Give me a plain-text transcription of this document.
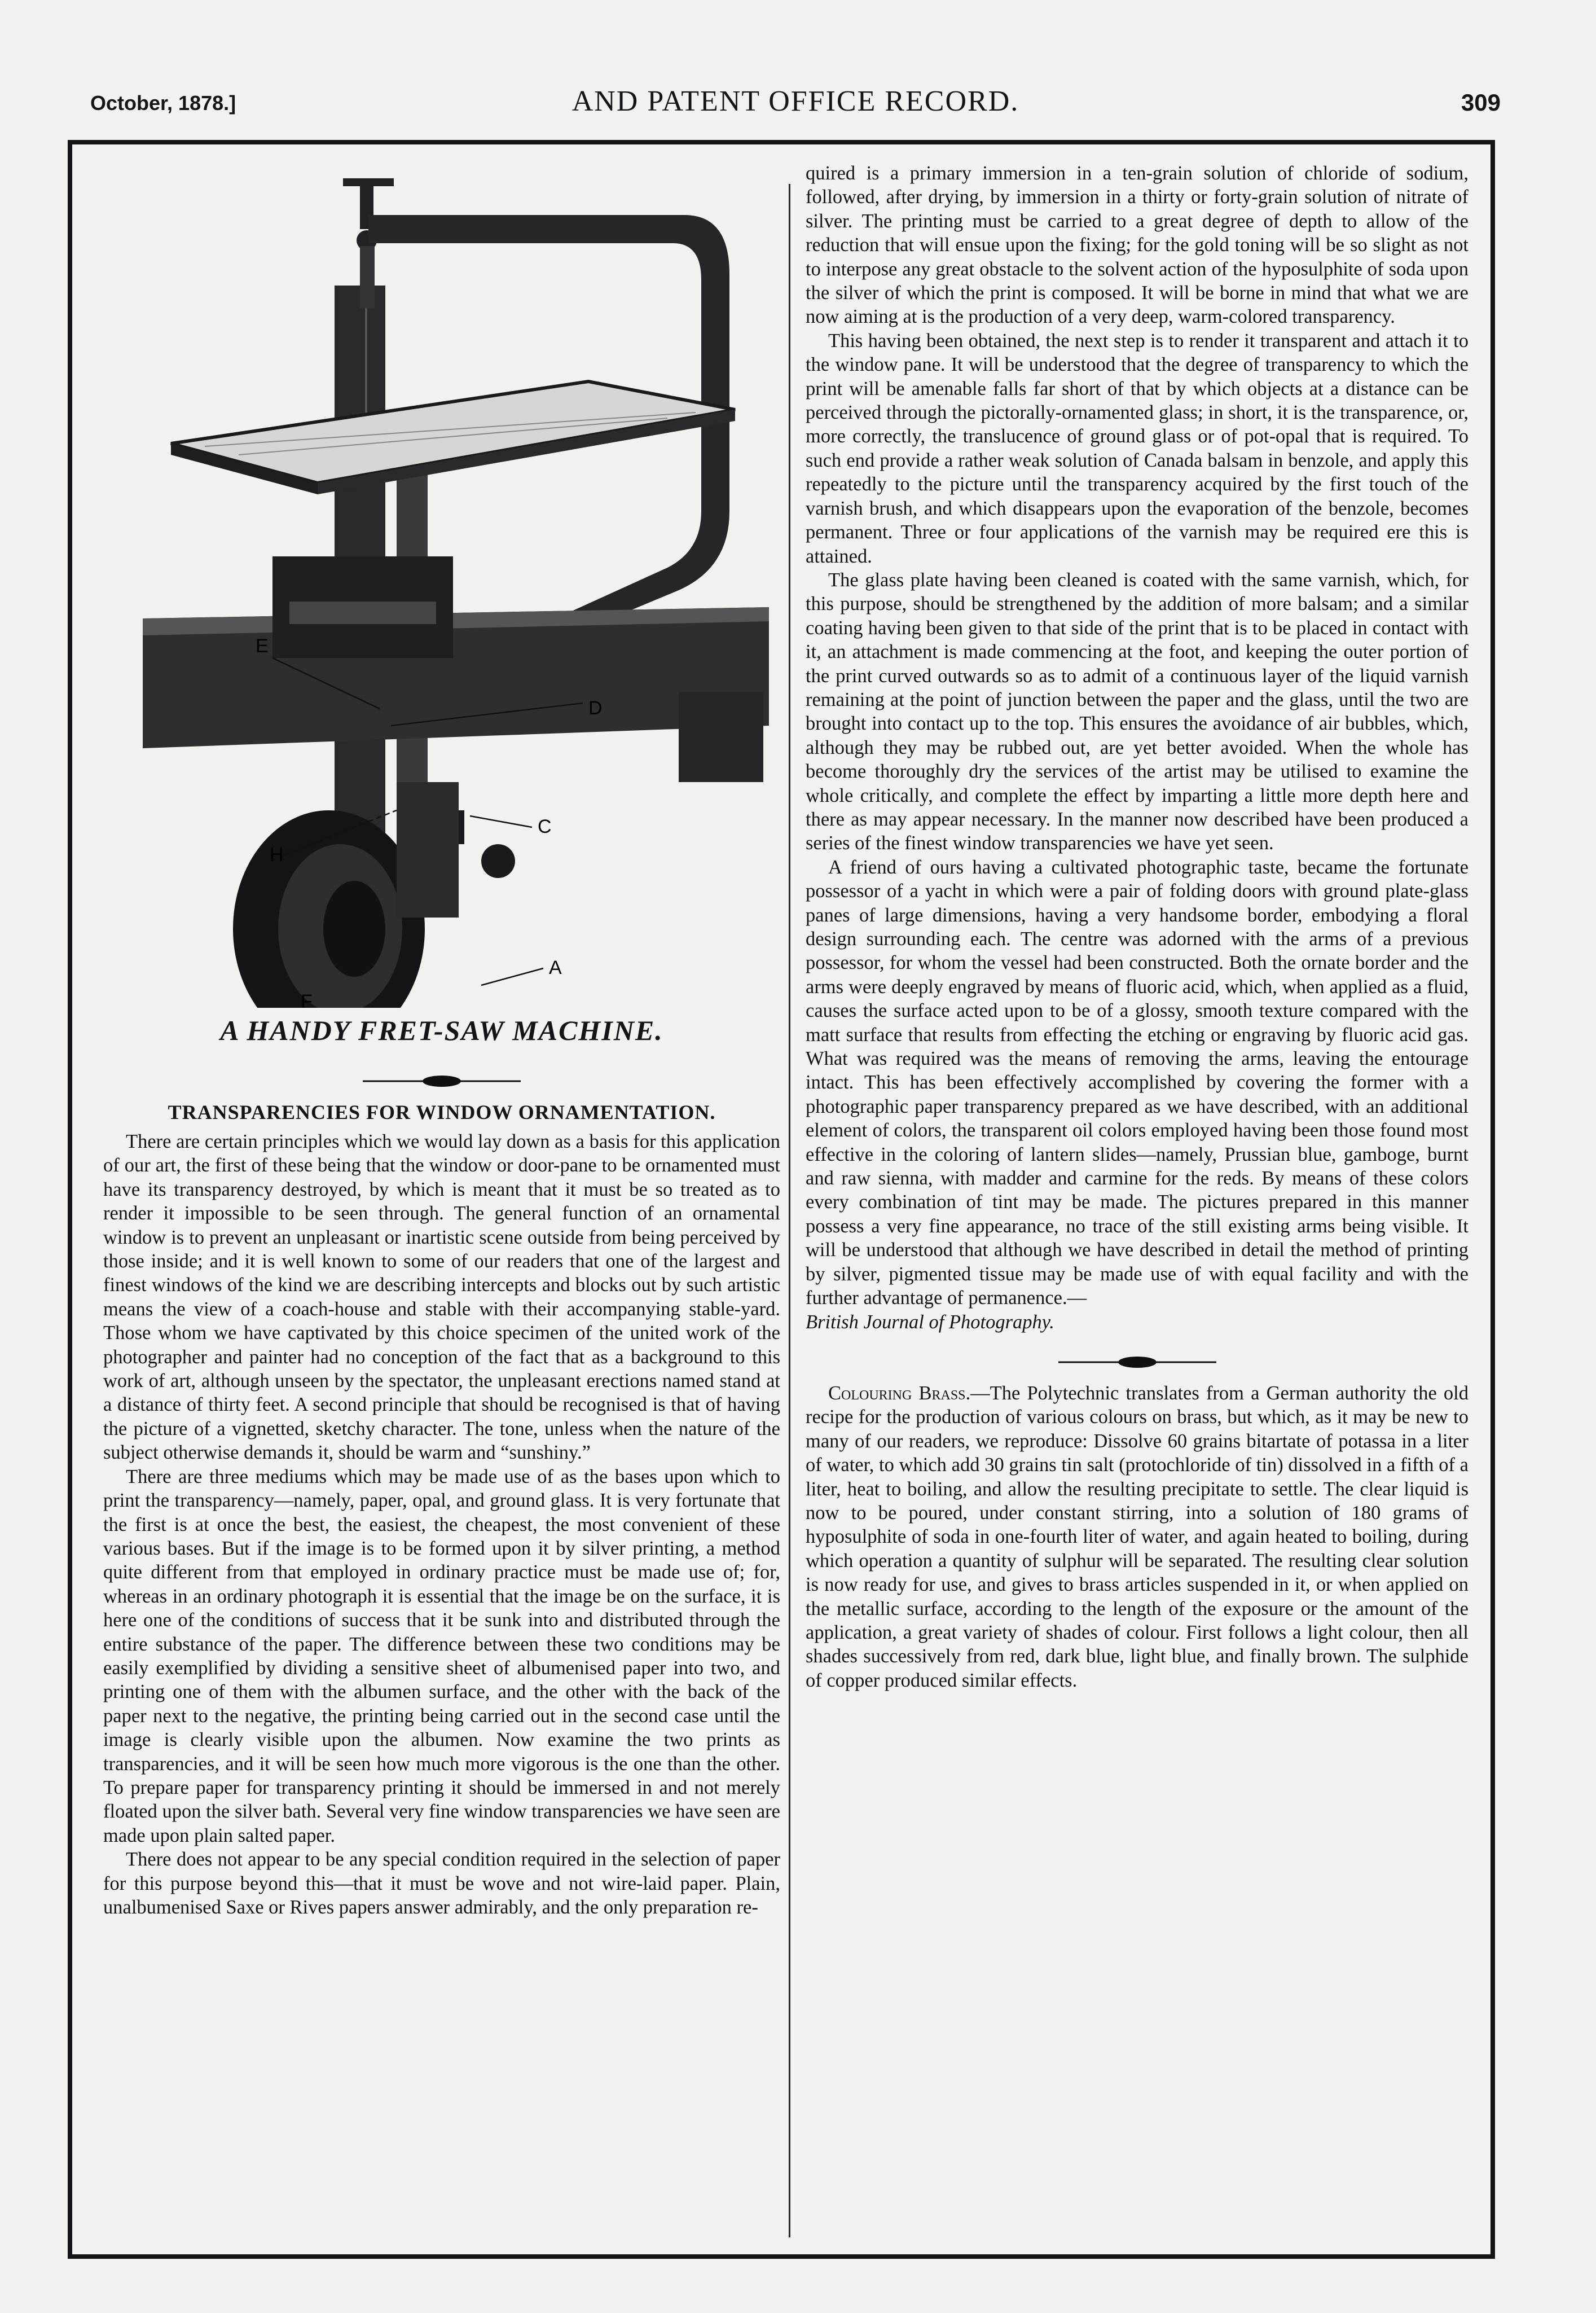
October, 1878.]	AND PATENT OFFICE RECORD.	309
E
D
H
C
A
F
A HANDY FRET-SAW MACHINE.
TRANSPARENCIES FOR WINDOW ORNAMENTATION.

There are certain principles which we would lay down as a basis for this application of our art, the first of these being that the window or door-pane to be ornamented must have its transparency destroyed, by which is meant that it must be so treated as to render it impossible to be seen through. The general function of an ornamental window is to prevent an unpleasant or inartistic scene outside from being perceived by those inside; and it is well known to some of our readers that one of the largest and finest windows of the kind we are describing intercepts and blocks out by such artistic means the view of a coach-house and stable with their accompanying stable-yard. Those whom we have captivated by this choice specimen of the united work of the photographer and painter had no conception of the fact that as a background to this work of art, although unseen by the spectator, the unpleasant erections named stand at a distance of thirty feet. A second principle that should be recognised is that of having the picture of a vignetted, sketchy character. The tone, unless when the nature of the subject otherwise demands it, should be warm and “sunshiny.”

There are three mediums which may be made use of as the bases upon which to print the transparency—namely, paper, opal, and ground glass. It is very fortunate that the first is at once the best, the easiest, the cheapest, the most convenient of these various bases. But if the image is to be formed upon it by silver printing, a method quite different from that employed in ordinary practice must be made use of; for, whereas in an ordinary photograph it is essential that the image be on the surface, it is here one of the conditions of success that it be sunk into and distributed through the entire substance of the paper. The difference between these two conditions may be easily exemplified by dividing a sensitive sheet of albumenised paper into two, and printing one of them with the albumen surface, and the other with the back of the paper next to the negative, the printing being carried out in the second case until the image is clearly visible upon the albumen. Now examine the two prints as transparencies, and it will be seen how much more vigorous is the one than the other. To prepare paper for transparency printing it should be immersed in and not merely floated upon the silver bath. Several very fine window transparencies we have seen are made upon plain salted paper.

There does not appear to be any special condition required in the selection of paper for this purpose beyond this—that it must be wove and not wire-laid paper. Plain, unalbumenised Saxe or Rives papers answer admirably, and the only preparation re-

quired is a primary immersion in a ten-grain solution of chloride of sodium, followed, after drying, by immersion in a thirty or forty-grain solution of nitrate of silver. The printing must be carried to a great degree of depth to allow of the reduction that will ensue upon the fixing; for the gold toning will be so slight as not to interpose any great obstacle to the solvent action of the hyposulphite of soda upon the silver of which the print is composed. It will be borne in mind that what we are now aiming at is the production of a very deep, warm-colored transparency.

This having been obtained, the next step is to render it transparent and attach it to the window pane. It will be understood that the degree of transparency to which the print will be amenable falls far short of that by which objects at a distance can be perceived through the pictorally-ornamented glass; in short, it is the transparence, or, more correctly, the translucence of ground glass or of pot-opal that is required. To such end provide a rather weak solution of Canada balsam in benzole, and apply this repeatedly to the picture until the transparency acquired by the first touch of the varnish brush, and which disappears upon the evaporation of the benzole, becomes permanent. Three or four applications of the varnish may be required ere this is attained.

The glass plate having been cleaned is coated with the same varnish, which, for this purpose, should be strengthened by the addition of more balsam; and a similar coating having been given to that side of the print that is to be placed in contact with it, an attachment is made commencing at the foot, and keeping the outer portion of the print curved outwards so as to admit of a continuous layer of the liquid varnish remaining at the point of junction between the paper and the glass, until the two are brought into contact up to the top. This ensures the avoidance of air bubbles, which, although they may be rubbed out, are yet better avoided. When the whole has become thoroughly dry the services of the artist may be utilised to examine the whole critically, and complete the effect by imparting a little more depth here and there as may appear necessary. In the manner now described have been produced a series of the finest window transparencies we have yet seen.

A friend of ours having a cultivated photographic taste, became the fortunate possessor of a yacht in which were a pair of folding doors with ground plate-glass panes of large dimensions, having a very handsome border, embodying a floral design surrounding each. The centre was adorned with the arms of a previous possessor, for whom the vessel had been constructed. Both the ornate border and the arms were deeply engraved by means of fluoric acid, which, when applied as a fluid, causes the surface acted upon to be of a glossy, smooth texture compared with the matt surface that results from effecting the etching or engraving by fluoric acid gas. What was required was the means of removing the arms, leaving the entourage intact. This has been effectively accomplished by covering the former with a photographic paper transparency prepared as we have described, with an additional element of colors, the transparent oil colors employed having been those found most effective in the coloring of lantern slides—namely, Prussian blue, gamboge, burnt and raw sienna, with madder and carmine for the reds. By means of these colors every combination of tint may be made. The pictures prepared in this manner possess a very fine appearance, no trace of the still existing arms being visible. It will be understood that although we have described in detail the method of printing by silver, pigmented tissue may be made use of with equal facility and with the further advantage of permanence.—

British Journal of Photography.

Colouring Brass.—The Polytechnic translates from a German authority the old recipe for the production of various colours on brass, but which, as it may be new to many of our readers, we reproduce: Dissolve 60 grains bitartate of potassa in a liter of water, to which add 30 grains tin salt (protochloride of tin) dissolved in a fifth of a liter, heat to boiling, and allow the resulting precipitate to settle. The clear liquid is now to be poured, under constant stirring, into a solution of 180 grams of hyposulphite of soda in one-fourth liter of water, and again heated to boiling, during which operation a quantity of sulphur will be separated. The resulting clear solution is now ready for use, and gives to brass articles suspended in it, or when applied on the metallic surface, according to the length of the exposure or the amount of the application, a great variety of shades of colour. First follows a light colour, then all shades successively from red, dark blue, light blue, and finally brown. The sulphide of copper produced similar effects.
